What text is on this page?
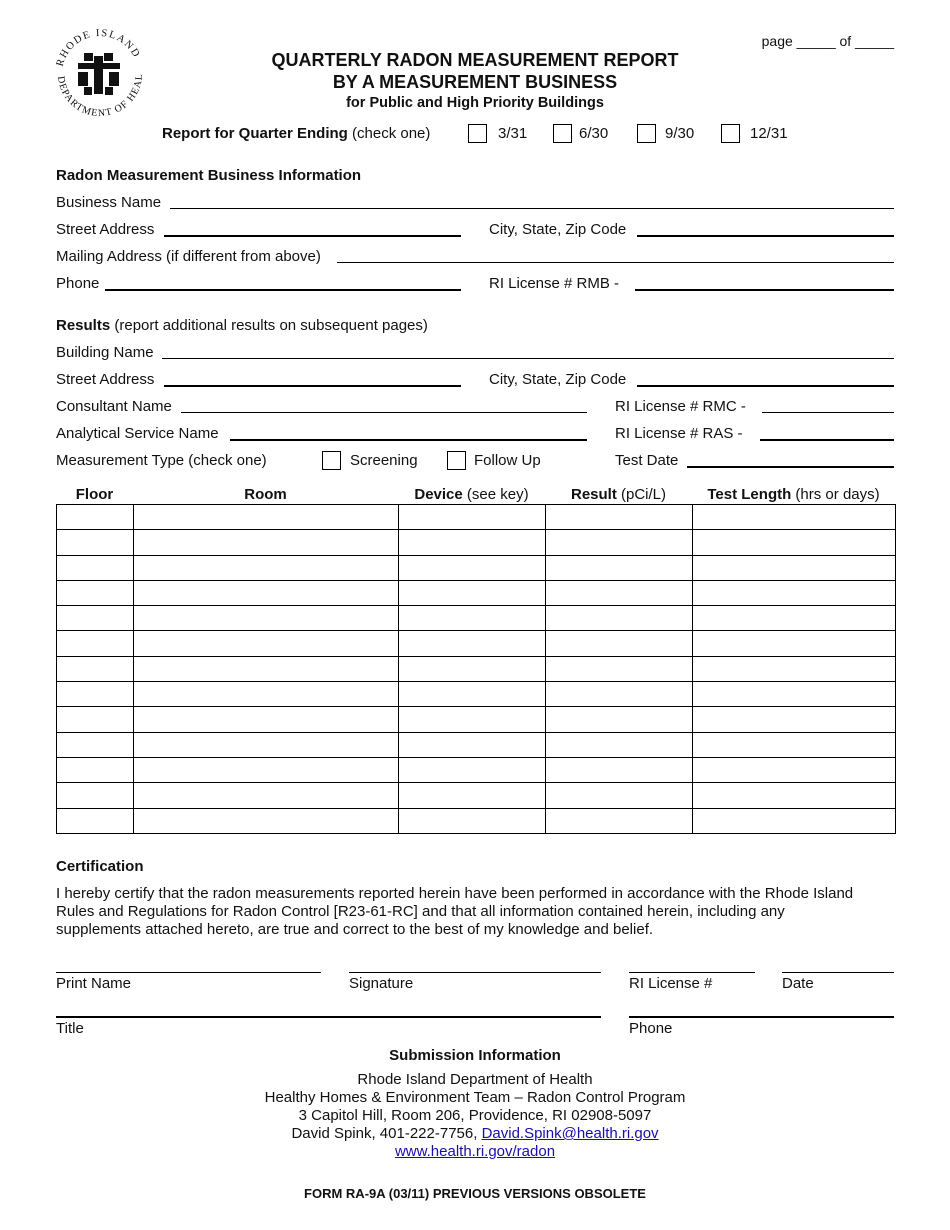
RHODE ISLAND
DEPARTMENT OF HEAL
page _____ of _____
QUARTERLY RADON MEASUREMENT REPORT
BY A MEASUREMENT BUSINESS
for Public and High Priority Buildings
Report for Quarter Ending (check one)	3/31	6/30	9/30	12/31
Radon Measurement Business Information
Business Name
Street Address	City, State, Zip Code
Mailing Address (if different from above)
Phone	RI License # RMB -
Results (report additional results on subsequent pages)
Building Name
Street Address	City, State, Zip Code
Consultant Name	RI License # RMC -
Analytical Service Name	RI License # RAS -
Measurement Type (check one)	Screening	Follow Up	Test Date
Floor	Room	Device (see key)	Result (pCi/L)	Test Length (hrs or days)

Certification
I hereby certify that the radon measurements reported herein have been performed in accordance with the Rhode Island
Rules and Regulations for Radon Control [R23-61-RC] and that all information contained herein, including any
supplements attached hereto, are true and correct to the best of my knowledge and belief.
Print Name	Signature	RI License #	Date
Title	Phone
Submission Information
Rhode Island Department of Health
Healthy Homes & Environment Team – Radon Control Program
3 Capitol Hill, Room 206, Providence, RI 02908-5097
David Spink, 401-222-7756, David.Spink@health.ri.gov
www.health.ri.gov/radon
FORM RA-9A (03/11) PREVIOUS VERSIONS OBSOLETE
